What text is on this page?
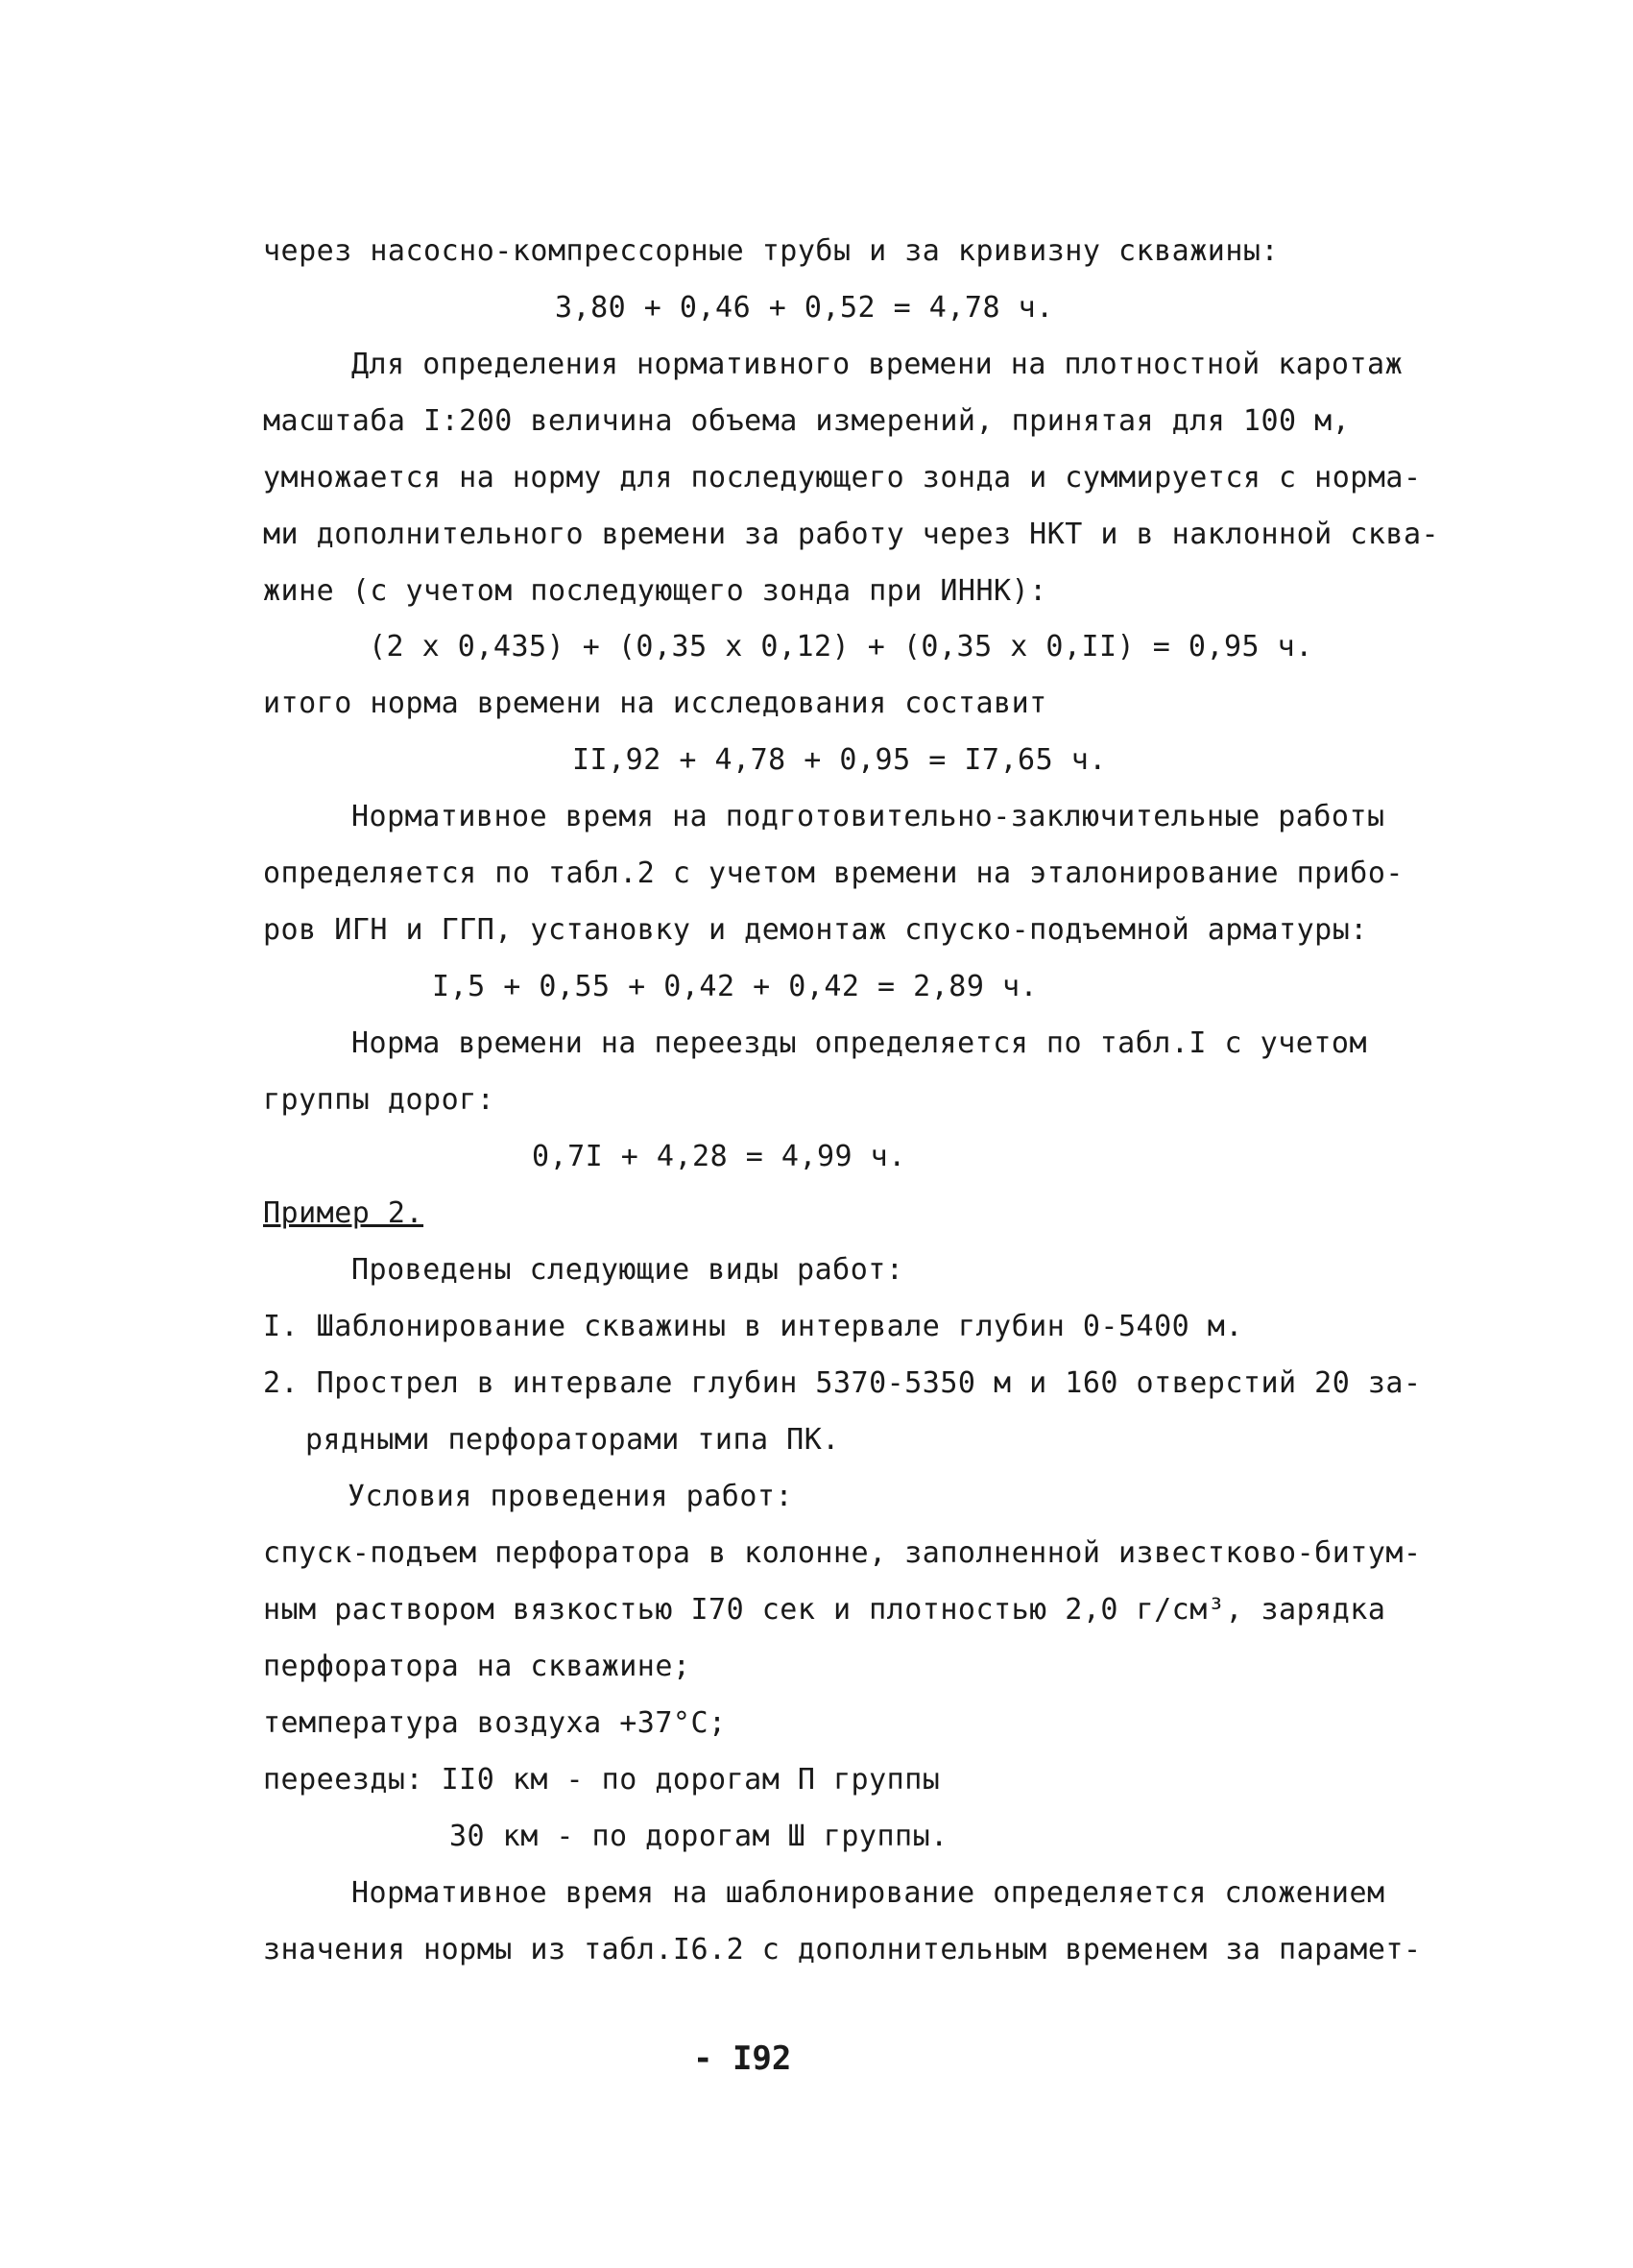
через насосно-компрессорные трубы и за кривизну скважины:
3,80 + 0,46 + 0,52 = 4,78 ч.
Для определения нормативного времени на плотностной каротаж
масштаба I:200 величина объема измерений, принятая для 100 м,
умножается на норму для последующего зонда и суммируется с норма-
ми дополнительного времени за работу через НКТ и в наклонной сква-
жине (с учетом последующего зонда при ИННК):
(2 x 0,435) + (0,35 x 0,12) + (0,35 x 0,II) = 0,95 ч.
итого норма времени на исследования составит
II,92 + 4,78 + 0,95 = I7,65 ч.
Нормативное время на подготовительно-заключительные работы
определяется по табл.2 с учетом времени на эталонирование прибо-
ров ИГН и ГГП, установку и демонтаж спуско-подъемной арматуры:
I,5 + 0,55 + 0,42 + 0,42 = 2,89 ч.
Норма времени на переезды определяется по табл.I с учетом
группы дорог:
0,7I + 4,28 = 4,99 ч.
Пример 2.
Проведены следующие виды работ:
I. Шаблонирование скважины в интервале глубин 0-5400 м.
2. Прострел в интервале глубин 5370-5350 м и 160 отверстий 20 за-
рядными перфораторами типа ПК.
Условия проведения работ:
спуск-подъем перфоратора в колонне, заполненной известково-битум-
ным раствором вязкостью I70 сек и плотностью 2,0 г/см³, зарядка
перфоратора на скважине;
температура воздуха +37°С;
переезды: II0 км - по дорогам П группы
30 км - по дорогам Ш группы.
Нормативное время на шаблонирование определяется сложением
значения нормы из табл.I6.2 с дополнительным временем за парамет-
- I92
